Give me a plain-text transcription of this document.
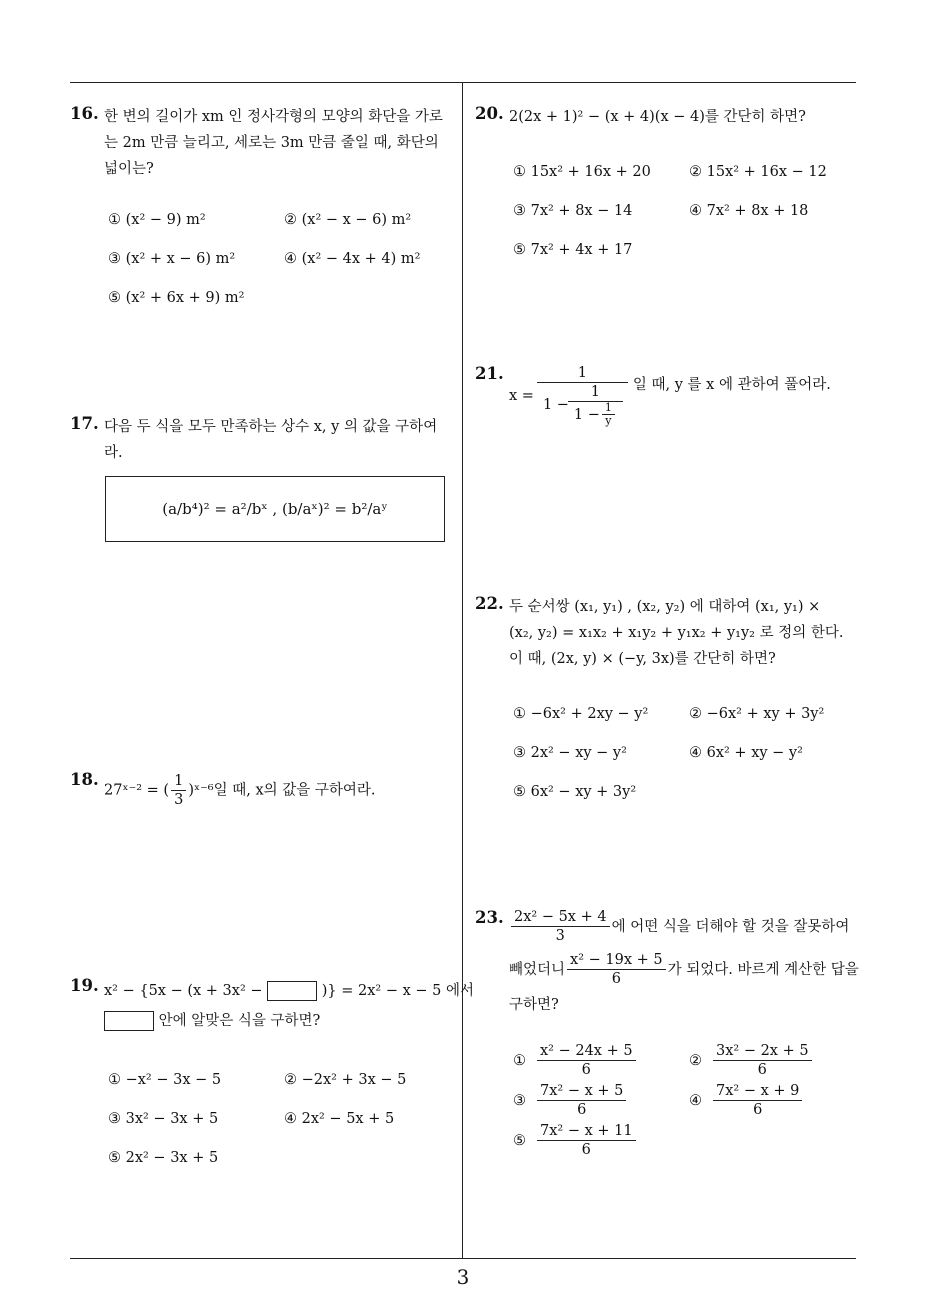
16. 한 변의 길이가 xm 인 정사각형의 모양의 화단을 가로
는 2m 만큼 늘리고, 세로는 3m 만큼 줄일 때, 화단의
넓이는?
① (x² − 9) m²	② (x² − x − 6) m²
③ (x² + x − 6) m²	④ (x² − 4x + 4) m²
⑤ (x² + 6x + 9) m²
17. 다음 두 식을 모두 만족하는 상수 x, y 의 값을 구하여
라.
(a/b⁴)² = a²/bˣ , (b/aˣ)² = b²/aʸ
18.
27ˣ⁻² = ( $\frac{1}{3}$ )ˣ⁻⁶일 때, x의 값을 구하여라.
19. x² − {5x − (x + 3x² −	)} = 2x² − x − 5 에서
안에 알맞은 식을 구하면?
① −x² − 3x − 5	② −2x² + 3x − 5
③ 3x² − 3x + 5	④ 2x² − 5x + 5
⑤ 2x² − 3x + 5
20. 2(2x + 1)² − (x + 4)(x − 4)를 간단히 하면?
① 15x² + 16x + 20	② 15x² + 16x − 12
③ 7x² + 8x − 14	④ 7x² + 8x + 18
⑤ 7x² + 4x + 17
21.
x =
1
$1 - \frac{1}{1 - \frac{1}{y}}$ 일 때, y 를 x 에 관하여 풀어라.
22. 두 순서쌍 (x₁, y₁) , (x₂, y₂) 에 대하여 (x₁, y₁) ×
(x₂, y₂) = x₁x₂ + x₁y₂ + y₁x₂ + y₁y₂ 로 정의 한다.
이 때, (2x, y) × (−y, 3x)를 간단히 하면?
① −6x² + 2xy − y²	② −6x² + xy + 3y²
③ 2x² − xy − y²	④ 6x² + xy − y²
⑤ 6x² − xy + 3y²
23. $\frac{\text{2x² − 5x + 4}}{3}$ 에 어떤 식을 더해야 할 것을 잘못하여
빼었더니 $\frac{\text{x² − 19x + 5}}{6}$ 가 되었다. 바르게 계산한 답을
구하면?
① $\frac{\text{x² − 24x + 5}}{6}$	② $\frac{\text{3x² − 2x + 5}}{6}$
③ $\frac{\text{7x² − x + 5}}{6}$	④ $\frac{\text{7x² − x + 9}}{6}$
⑤ $\frac{\text{7x² − x + 11}}{6}$
3
